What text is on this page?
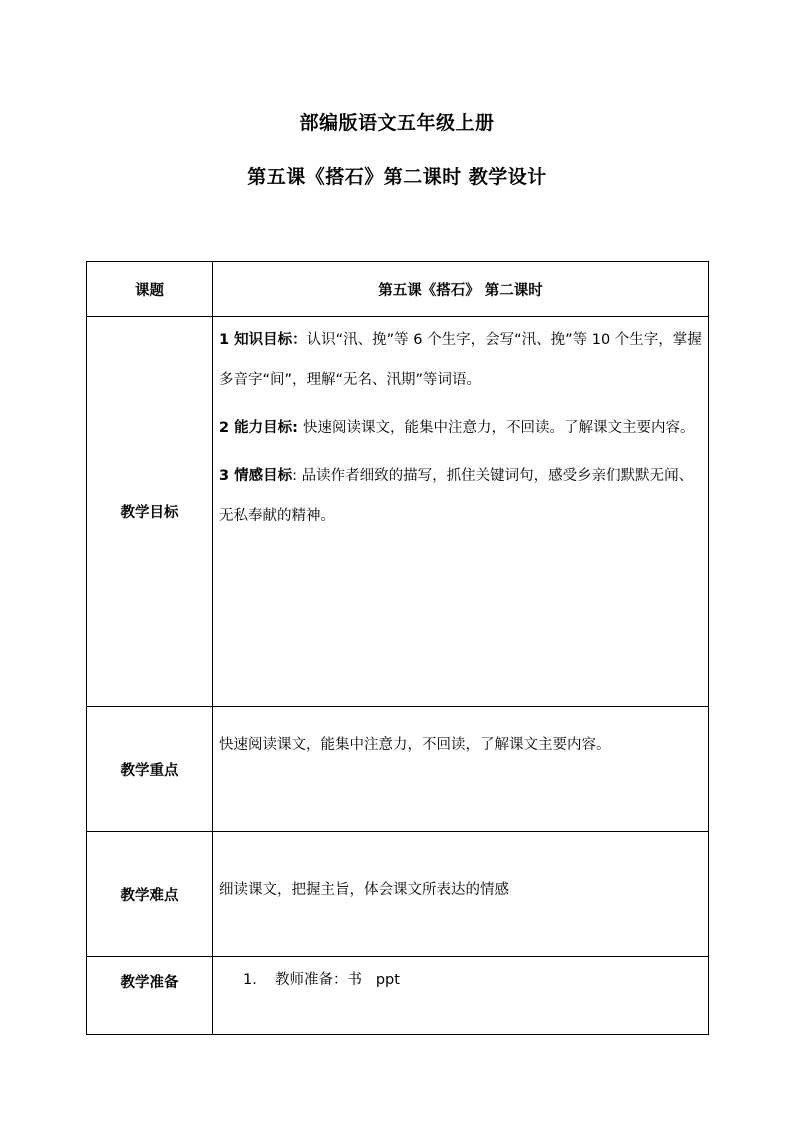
部编版语文五年级上册
第五课《搭石》第二课时 教学设计
课题	第五课《搭石》 第二课时
教学目标	1 知识目标：认识“汛、挽”等 6 个生字，会写“汛、挽”等 10 个生字，掌握多音字“间”，理解“无名、汛期”等词语。

2 能力目标: 快速阅读课文，能集中注意力，不回读。了解课文主要内容。

3 情感目标: 品读作者细致的描写，抓住关键词句，感受乡亲们默默无闻、无私奉献的精神。

教学重点	快速阅读课文，能集中注意力，不回读，了解课文主要内容。

教学难点	细读课文，把握主旨，体会课文所表达的情感

教学准备	1. 教师准备：书   ppt
